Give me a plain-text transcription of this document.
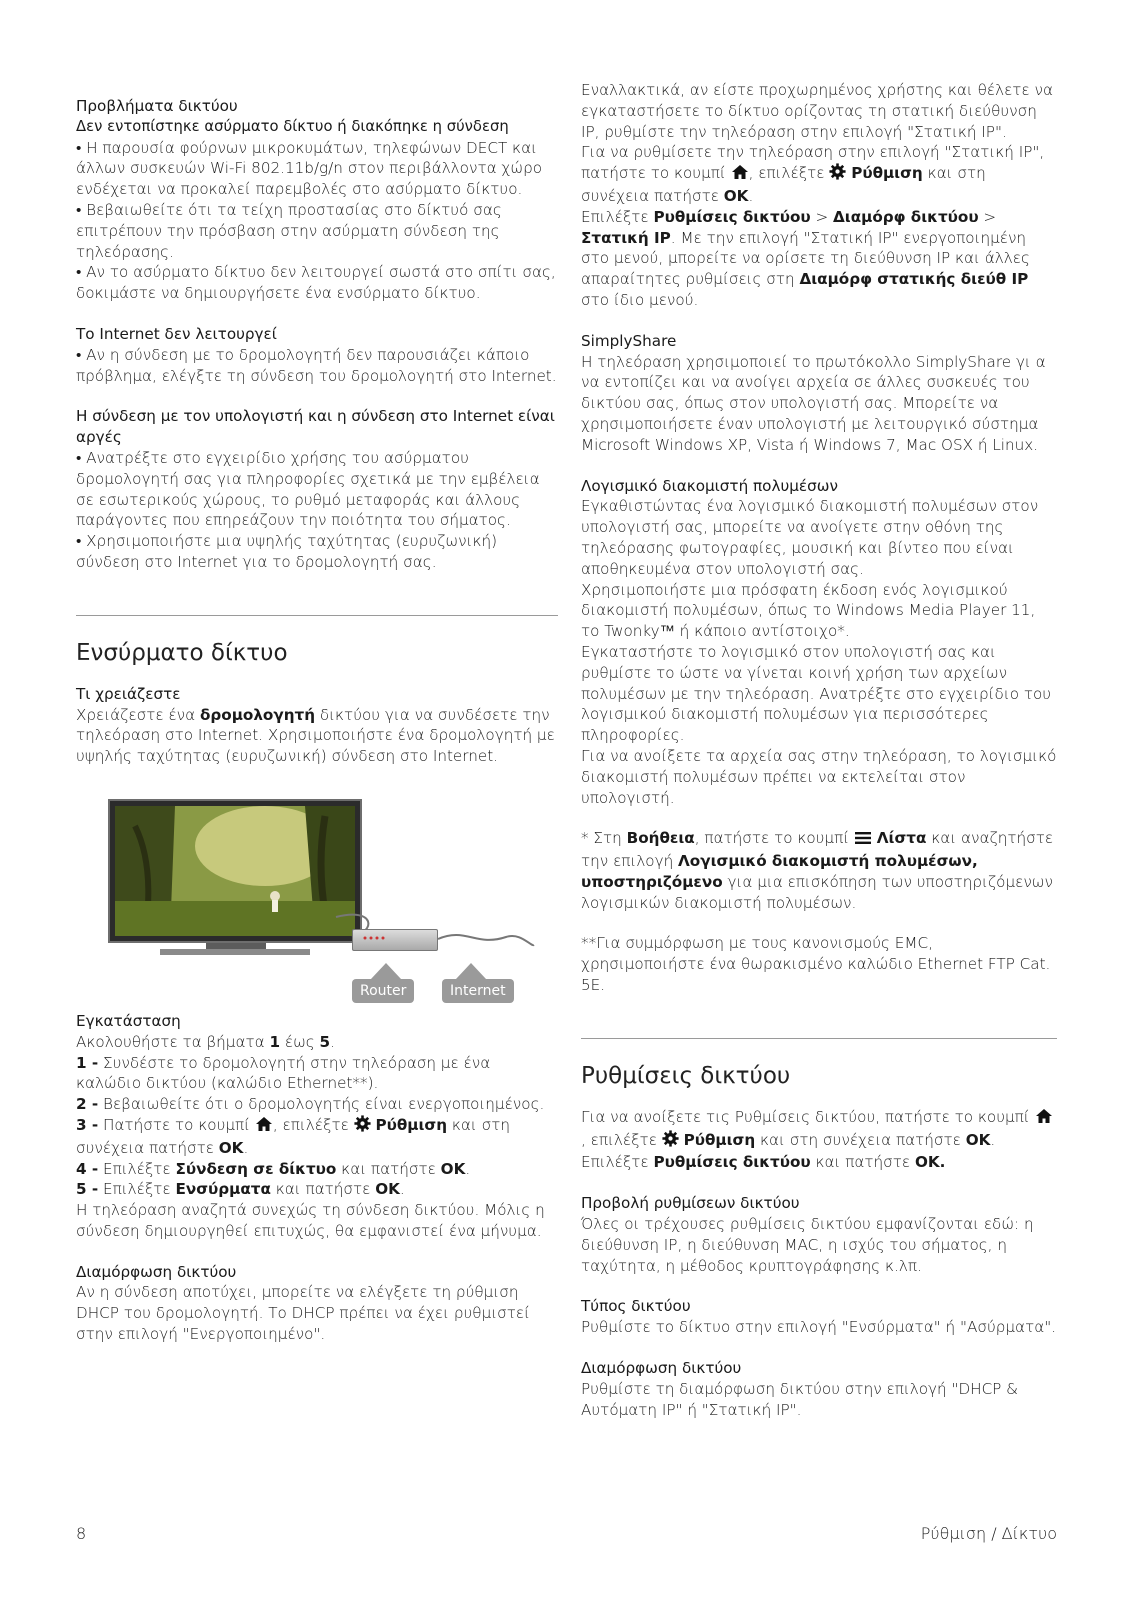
Προβλήματα δικτύου

Δεν εντοπίστηκε ασύρματο δίκτυο ή διακόπηκε η σύνδεση

• Η παρουσία φούρνων μικροκυμάτων, τηλεφώνων DECT και άλλων συσκευών Wi-Fi 802.11b/g/n στον περιβάλλοντα χώρο ενδέχεται να προκαλεί παρεμβολές στο ασύρματο δίκτυο.

• Βεβαιωθείτε ότι τα τείχη προστασίας στο δίκτυό σας επιτρέπουν την πρόσβαση στην ασύρματη σύνδεση της τηλεόρασης.

• Αν το ασύρματο δίκτυο δεν λειτουργεί σωστά στο σπίτι σας, δοκιμάστε να δημιουργήσετε ένα ενσύρματο δίκτυο.

Το Internet δεν λειτουργεί

• Αν η σύνδεση με το δρομολογητή δεν παρουσιάζει κάποιο πρόβλημα, ελέγξτε τη σύνδεση του δρομολογητή στο Internet.

Η σύνδεση με τον υπολογιστή και η σύνδεση στο Internet είναι αργές

• Ανατρέξτε στο εγχειρίδιο χρήσης του ασύρματου δρομολογητή σας για πληροφορίες σχετικά με την εμβέλεια σε εσωτερικούς χώρους, το ρυθμό μεταφοράς και άλλους παράγοντες που επηρεάζουν την ποιότητα του σήματος.

• Χρησιμοποιήστε μια υψηλής ταχύτητας (ευρυζωνική) σύνδεση στο Internet για το δρομολογητή σας.

Ενσύρματο δίκτυο

Τι χρειάζεστε

Χρειάζεστε ένα δρομολογητή δικτύου για να συνδέσετε την τηλεόραση στο Internet. Χρησιμοποιήστε ένα δρομολογητή με υψηλής ταχύτητας (ευρυζωνική) σύνδεση στο Internet.

Router	Internet

Εγκατάσταση

Ακολουθήστε τα βήματα 1 έως 5.

1 - Συνδέστε το δρομολογητή στην τηλεόραση με ένα καλώδιο δικτύου (καλώδιο Ethernet**).

2 - Βεβαιωθείτε ότι ο δρομολογητής είναι ενεργοποιημένος.

3 - Πατήστε το κουμπί , επιλέξτε  Ρύθμιση και στη συνέχεια πατήστε OK.

4 - Επιλέξτε Σύνδεση σε δίκτυο και πατήστε OK.

5 - Επιλέξτε Ενσύρματα και πατήστε OK.

Η τηλεόραση αναζητά συνεχώς τη σύνδεση δικτύου. Μόλις η σύνδεση δημιουργηθεί επιτυχώς, θα εμφανιστεί ένα μήνυμα.

Διαμόρφωση δικτύου

Αν η σύνδεση αποτύχει, μπορείτε να ελέγξετε τη ρύθμιση DHCP του δρομολογητή. Το DHCP πρέπει να έχει ρυθμιστεί στην επιλογή "Ενεργοποιημένο".

Εναλλακτικά, αν είστε προχωρημένος χρήστης και θέλετε να εγκαταστήσετε το δίκτυο ορίζοντας τη στατική διεύθυνση IP, ρυθμίστε την τηλεόραση στην επιλογή "Στατική IP".

Για να ρυθμίσετε την τηλεόραση στην επιλογή "Στατική IP", πατήστε το κουμπί , επιλέξτε  Ρύθμιση και στη συνέχεια πατήστε OK.

Επιλέξτε Ρυθμίσεις δικτύου > Διαμόρφ δικτύου > Στατική IP. Με την επιλογή "Στατική IP" ενεργοποιημένη στο μενού, μπορείτε να ορίσετε τη διεύθυνση IP και άλλες απαραίτητες ρυθμίσεις στη Διαμόρφ στατικής διεύθ IP στο ίδιο μενού.

SimplyShare

Η τηλεόραση χρησιμοποιεί το πρωτόκολλο SimplyShare γι α να εντοπίζει και να ανοίγει αρχεία σε άλλες συσκευές του δικτύου σας, όπως στον υπολογιστή σας. Μπορείτε να χρησιμοποιήσετε έναν υπολογιστή με λειτουργικό σύστημα Microsoft Windows XP, Vista ή Windows 7, Mac OSX ή Linux.

Λογισμικό διακομιστή πολυμέσων

Εγκαθιστώντας ένα λογισμικό διακομιστή πολυμέσων στον υπολογιστή σας, μπορείτε να ανοίγετε στην οθόνη της τηλεόρασης φωτογραφίες, μουσική και βίντεο που είναι αποθηκευμένα στον υπολογιστή σας.

Χρησιμοποιήστε μια πρόσφατη έκδοση ενός λογισμικού διακομιστή πολυμέσων, όπως το Windows Media Player 11, το Twonky™ ή κάποιο αντίστοιχο*.

Εγκαταστήστε το λογισμικό στον υπολογιστή σας και ρυθμίστε το ώστε να γίνεται κοινή χρήση των αρχείων πολυμέσων με την τηλεόραση. Ανατρέξτε στο εγχειρίδιο του λογισμικού διακομιστή πολυμέσων για περισσότερες πληροφορίες.

Για να ανοίξετε τα αρχεία σας στην τηλεόραση, το λογισμικό διακομιστή πολυμέσων πρέπει να εκτελείται στον υπολογιστή.

* Στη Βοήθεια, πατήστε το κουμπί  Λίστα και αναζητήστε την επιλογή Λογισμικό διακομιστή πολυμέσων, υποστηριζόμενο για μια επισκόπηση των υποστηριζόμενων λογισμικών διακομιστή πολυμέσων.

**Για συμμόρφωση με τους κανονισμούς EMC, χρησιμοποιήστε ένα θωρακισμένο καλώδιο Ethernet FTP Cat. 5E.

Ρυθμίσεις δικτύου

Για να ανοίξετε τις Ρυθμίσεις δικτύου, πατήστε το κουμπί , επιλέξτε  Ρύθμιση και στη συνέχεια πατήστε OK. Επιλέξτε Ρυθμίσεις δικτύου και πατήστε OK.

Προβολή ρυθμίσεων δικτύου

Όλες οι τρέχουσες ρυθμίσεις δικτύου εμφανίζονται εδώ: η διεύθυνση IP, η διεύθυνση MAC, η ισχύς του σήματος, η ταχύτητα, η μέθοδος κρυπτογράφησης κ.λπ.

Τύπος δικτύου

Ρυθμίστε το δίκτυο στην επιλογή "Ενσύρματα" ή "Ασύρματα".

Διαμόρφωση δικτύου

Ρυθμίστε τη διαμόρφωση δικτύου στην επιλογή "DHCP & Αυτόματη IP" ή "Στατική IP".

8	Ρύθμιση / Δίκτυο
